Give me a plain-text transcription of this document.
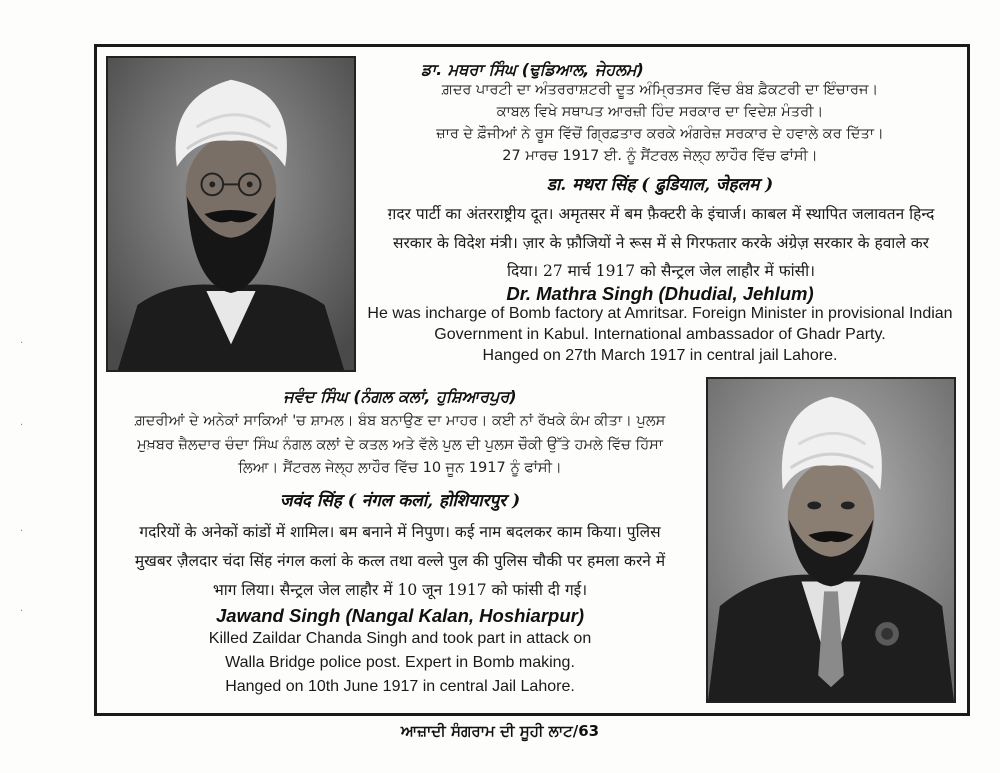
ਡਾ. ਮਥਰਾ ਸਿੰਘ (ਢੁਡਿਆਲ, ਜੇਹਲਮ)
ਗ਼ਦਰ ਪਾਰਟੀ ਦਾ ਅੰਤਰਰਾਸ਼ਟਰੀ ਦੂਤ ਅੰਮ੍ਰਿਤਸਰ ਵਿੱਚ ਬੰਬ ਫ਼ੈਕਟਰੀ ਦਾ ਇੰਚਾਰਜ।
ਕਾਬਲ ਵਿਖੇ ਸਥਾਪਤ ਆਰਜ਼ੀ ਹਿੰਦ ਸਰਕਾਰ ਦਾ ਵਿਦੇਸ਼ ਮੰਤਰੀ।
ਜ਼ਾਰ ਦੇ ਫ਼ੌਜੀਆਂ ਨੇ ਰੂਸ ਵਿੱਚੋਂ ਗ੍ਰਿਫ਼ਤਾਰ ਕਰਕੇ ਅੰਗਰੇਜ਼ ਸਰਕਾਰ ਦੇ ਹਵਾਲੇ ਕਰ ਦਿੱਤਾ।
27 ਮਾਰਚ 1917 ਈ. ਨੂੰ ਸੈਂਟਰਲ ਜੇਲ੍ਹ ਲਾਹੌਰ ਵਿੱਚ ਫਾਂਸੀ।
डा. मथरा सिंह ( ढुडियाल, जेहलम )
ग़दर पार्टी का अंतरराष्ट्रीय दूत। अमृतसर में बम फ़ैक्टरी के इंचार्ज। काबल में स्थापित जलावतन हिन्द
सरकार के विदेश मंत्री। ज़ार के फ़ौजियों ने रूस में से गिरफतार करके अंग्रेज़ सरकार के हवाले कर
दिया। 27 मार्च 1917 को सैन्ट्रल जेल लाहौर में फांसी।
Dr. Mathra Singh (Dhudial, Jehlum)
He was incharge of Bomb factory at Amritsar. Foreign Minister in provisional Indian
Government in Kabul. International ambassador of Ghadr Party.
Hanged on 27th March 1917 in central jail Lahore.
ਜਵੰਦ ਸਿੰਘ (ਨੰਗਲ ਕਲਾਂ, ਹੁਸ਼ਿਆਰਪੁਰ)
ਗ਼ਦਰੀਆਂ ਦੇ ਅਨੇਕਾਂ ਸਾਕਿਆਂ 'ਚ ਸ਼ਾਮਲ। ਬੰਬ ਬਨਾਉਣ ਦਾ ਮਾਹਰ। ਕਈ ਨਾਂ ਰੱਖਕੇ ਕੰਮ ਕੀਤਾ। ਪੁਲਸ
ਮੁਖ਼ਬਰ ਜ਼ੈਲਦਾਰ ਚੰਦਾ ਸਿੰਘ ਨੰਗਲ ਕਲਾਂ ਦੇ ਕਤਲ ਅਤੇ ਵੱਲੇ ਪੁਲ ਦੀ ਪੁਲਸ ਚੌਕੀ ਉੱਤੇ ਹਮਲੇ ਵਿੱਚ ਹਿੱਸਾ
ਲਿਆ। ਸੈਂਟਰਲ ਜੇਲ੍ਹ ਲਾਹੌਰ ਵਿੱਚ 10 ਜੂਨ 1917 ਨੂੰ ਫਾਂਸੀ।
जवंद सिंह ( नंगल कलां, होशियारपुर )
गदरियों के अनेकों कांडों में शामिल। बम बनाने में निपुण। कई नाम बदलकर काम किया। पुलिस
मुखबर ज़ैलदार चंदा सिंह नंगल कलां के कत्ल तथा वल्ले पुल की पुलिस चौकी पर हमला करने में
भाग लिया। सैन्ट्रल जेल लाहौर में 10 जून 1917 को फांसी दी गई।
Jawand Singh (Nangal Kalan, Hoshiarpur)
Killed Zaildar Chanda Singh and took part in attack on
Walla Bridge police post. Expert in Bomb making.
Hanged on 10th June 1917 in central Jail Lahore.
ਆਜ਼ਾਦੀ ਸੰਗਰਾਮ ਦੀ ਸੂਹੀ ਲਾਟ/63
·
·
·
·
